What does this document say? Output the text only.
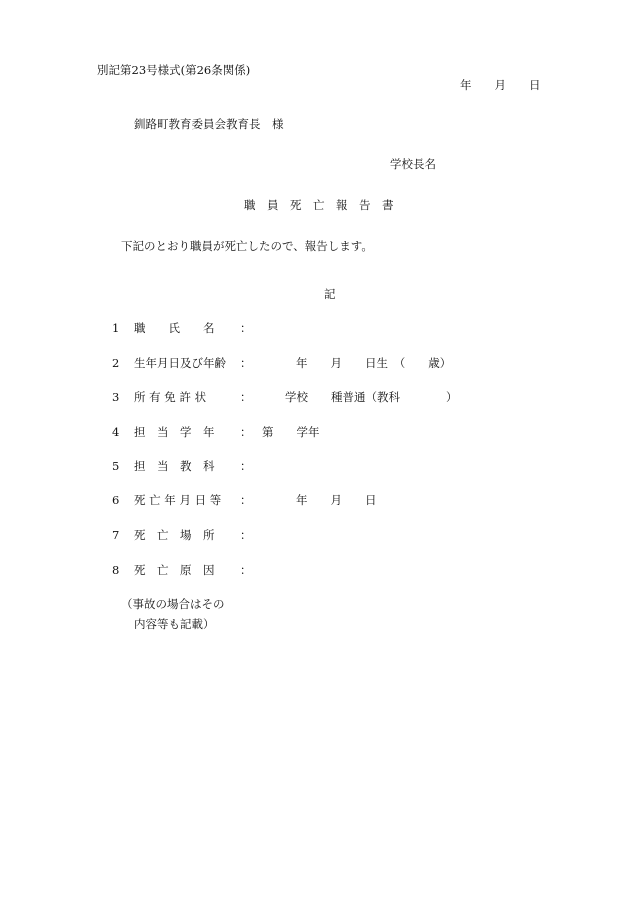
別記第23号様式(第26条関係)
年　　月　　日
釧路町教育委員会教育長　様
学校長名
職　員　死　亡　報　告　書
下記のとおり職員が死亡したので、報告します。
記
1 職　　氏　　名 ：
2 生年月日及び年齢 ：	年　　月　　日生　（　　歳）
3 所 有 免 許 状	：	学校　　種普通（教科　　　　）
4 担　当　学　年 ： 第　　学年
5 担　当　教　科 ：
6 死 亡 年 月 日 等 ：	年　　月　　日
7 死　亡　場　所 ：
8 死　亡　原　因 ：
（事故の場合はその
内容等も記載）
